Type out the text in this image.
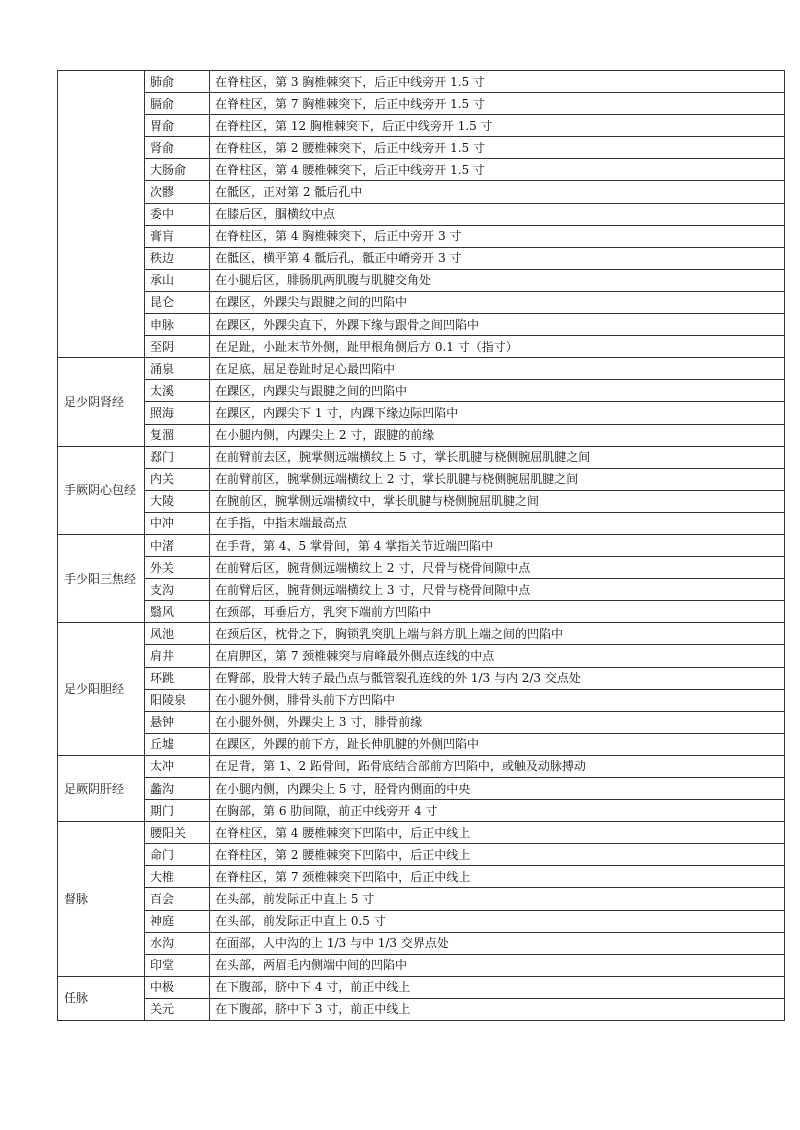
	肺俞	在脊柱区，第 3 胸椎棘突下，后正中线旁开 1.5 寸
	膈俞	在脊柱区，第 7 胸椎棘突下，后正中线旁开 1.5 寸
	胃俞	在脊柱区，第 12 胸椎棘突下，后正中线旁开 1.5 寸
	肾俞	在脊柱区，第 2 腰椎棘突下，后正中线旁开 1.5 寸
	大肠俞	在脊柱区，第 4 腰椎棘突下，后正中线旁开 1.5 寸
	次髎	在骶区，正对第 2 骶后孔中
	委中	在膝后区，腘横纹中点
	膏肓	在脊柱区，第 4 胸椎棘突下，后正中旁开 3 寸
	秩边	在骶区，横平第 4 骶后孔，骶正中嵴旁开 3 寸
	承山	在小腿后区，腓肠肌两肌腹与肌腱交角处
	昆仑	在踝区，外踝尖与跟腱之间的凹陷中
	申脉	在踝区，外踝尖直下，外踝下缘与跟骨之间凹陷中
	至阴	在足趾，小趾末节外侧，趾甲根角侧后方 0.1 寸（指寸）
足少阴肾经	涌泉	在足底，屈足卷趾时足心最凹陷中
	太溪	在踝区，内踝尖与跟腱之间的凹陷中
	照海	在踝区，内踝尖下 1 寸，内踝下缘边际凹陷中
	复溜	在小腿内侧，内踝尖上 2 寸，跟腱的前缘
手厥阴心包经	郄门	在前臂前去区，腕掌侧远端横纹上 5 寸，掌长肌腱与桡侧腕屈肌腱之间
	内关	在前臂前区，腕掌侧远端横纹上 2 寸，掌长肌腱与桡侧腕屈肌腱之间
	大陵	在腕前区，腕掌侧远端横纹中，掌长肌腱与桡侧腕屈肌腱之间
	中冲	在手指，中指末端最高点
手少阳三焦经	中渚	在手背，第 4、5 掌骨间，第 4 掌指关节近端凹陷中
	外关	在前臂后区，腕背侧远端横纹上 2 寸，尺骨与桡骨间隙中点
	支沟	在前臂后区，腕背侧远端横纹上 3 寸，尺骨与桡骨间隙中点
	翳风	在颈部，耳垂后方，乳突下端前方凹陷中
足少阳胆经	风池	在颈后区，枕骨之下，胸锁乳突肌上端与斜方肌上端之间的凹陷中
	肩井	在肩胛区，第 7 颈椎棘突与肩峰最外侧点连线的中点
	环跳	在臀部，股骨大转子最凸点与骶管裂孔连线的外 1/3 与内 2/3 交点处
	阳陵泉	在小腿外侧，腓骨头前下方凹陷中
	悬钟	在小腿外侧，外踝尖上 3 寸，腓骨前缘
	丘墟	在踝区，外踝的前下方，趾长伸肌腱的外侧凹陷中
足厥阴肝经	太冲	在足背，第 1、2 跖骨间，跖骨底结合部前方凹陷中，或触及动脉搏动
	蠡沟	在小腿内侧，内踝尖上 5 寸，胫骨内侧面的中央
	期门	在胸部，第 6 肋间隙，前正中线旁开 4 寸
督脉	腰阳关	在脊柱区，第 4 腰椎棘突下凹陷中，后正中线上
	命门	在脊柱区，第 2 腰椎棘突下凹陷中，后正中线上
	大椎	在脊柱区，第 7 颈椎棘突下凹陷中，后正中线上
	百会	在头部，前发际正中直上 5 寸
	神庭	在头部，前发际正中直上 0.5 寸
	水沟	在面部，人中沟的上 1/3 与中 1/3 交界点处
	印堂	在头部，两眉毛内侧端中间的凹陷中
任脉	中极	在下腹部，脐中下 4 寸，前正中线上
	关元	在下腹部，脐中下 3 寸，前正中线上
